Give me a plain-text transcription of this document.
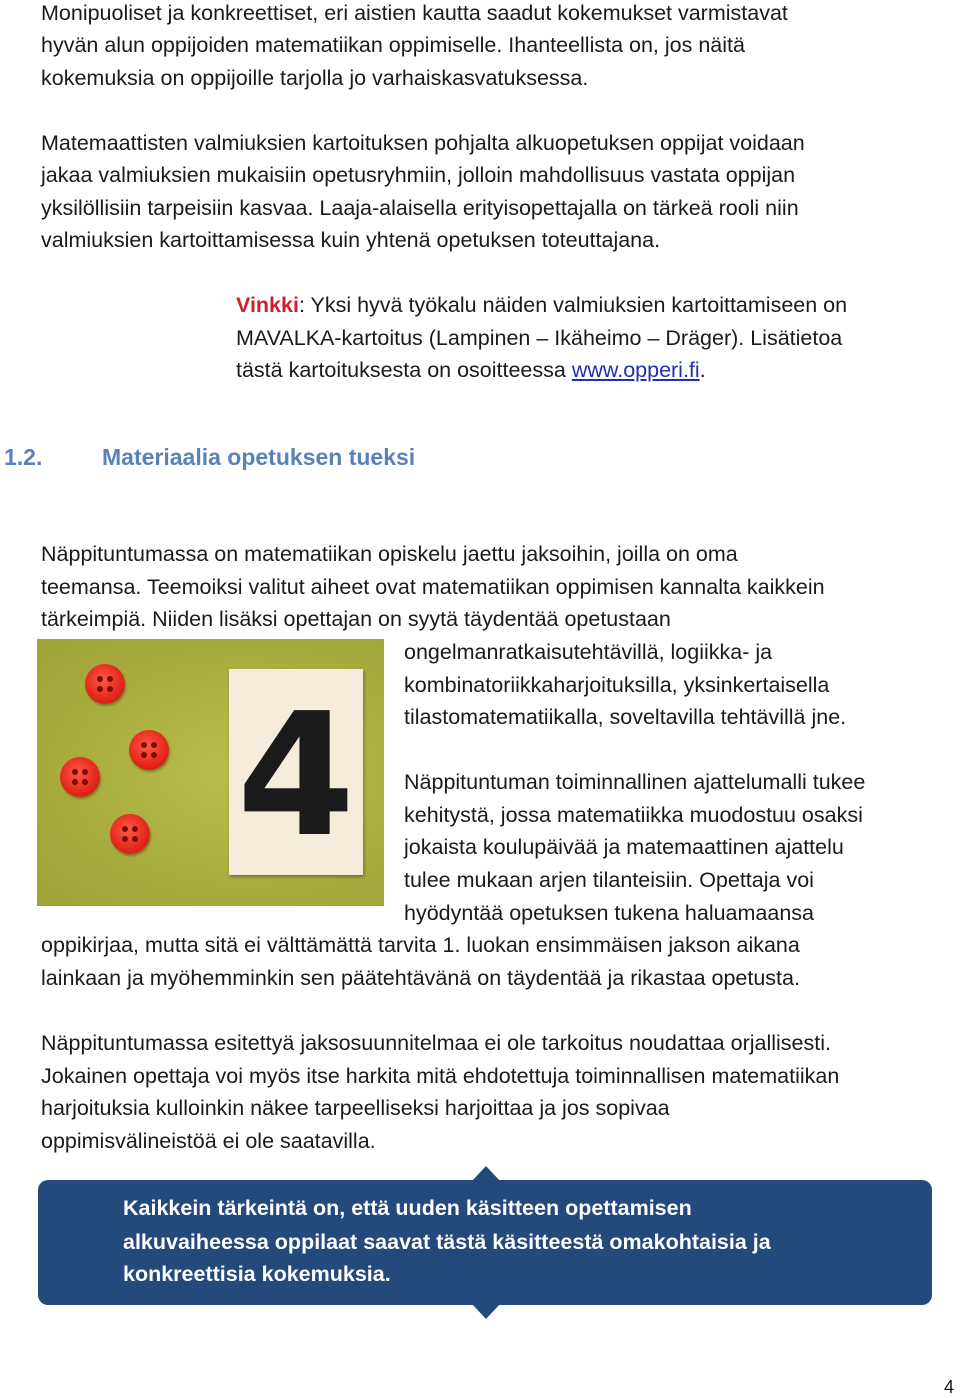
Monipuoliset ja konkreettiset, eri aistien kautta saadut kokemukset varmistavat
hyvän alun oppijoiden matematiikan oppimiselle. Ihanteellista on, jos näitä
kokemuksia on oppijoille tarjolla jo varhaiskasvatuksessa.
Matemaattisten valmiuksien kartoituksen pohjalta alkuopetuksen oppijat voidaan
jakaa valmiuksien mukaisiin opetusryhmiin, jolloin mahdollisuus vastata oppijan
yksilöllisiin tarpeisiin kasvaa. Laaja-alaisella erityisopettajalla on tärkeä rooli niin
valmiuksien kartoittamisessa kuin yhtenä opetuksen toteuttajana.
Vinkki: Yksi hyvä työkalu näiden valmiuksien kartoittamiseen on
MAVALKA-kartoitus (Lampinen – Ikäheimo – Dräger). Lisätietoa
tästä kartoituksesta on osoitteessa www.opperi.fi.
1.2.	Materiaalia opetuksen tueksi
Näppituntumassa on matematiikan opiskelu jaettu jaksoihin, joilla on oma
teemansa. Teemoiksi valitut aiheet ovat matematiikan oppimisen kannalta kaikkein
tärkeimpiä. Niiden lisäksi opettajan on syytä täydentää opetustaan
ongelmanratkaisutehtävillä, logiikka- ja
kombinatoriikkaharjoituksilla, yksinkertaisella
tilastomatematiikalla, soveltavilla tehtävillä jne.
4	Näppituntuman toiminnallinen ajattelumalli tukee
kehitystä, jossa matematiikka muodostuu osaksi
jokaista koulupäivää ja matemaattinen ajattelu
tulee mukaan arjen tilanteisiin. Opettaja voi
hyödyntää opetuksen tukena haluamaansa
oppikirjaa, mutta sitä ei välttämättä tarvita 1. luokan ensimmäisen jakson aikana
lainkaan ja myöhemminkin sen päätehtävänä on täydentää ja rikastaa opetusta.
Näppituntumassa esitettyä jaksosuunnitelmaa ei ole tarkoitus noudattaa orjallisesti.
Jokainen opettaja voi myös itse harkita mitä ehdotettuja toiminnallisen matematiikan
harjoituksia kulloinkin näkee tarpeelliseksi harjoittaa ja jos sopivaa
oppimisvälineistöä ei ole saatavilla.
Kaikkein tärkeintä on, että uuden käsitteen opettamisen
alkuvaiheessa oppilaat saavat tästä käsitteestä omakohtaisia ja
konkreettisia kokemuksia.
4
